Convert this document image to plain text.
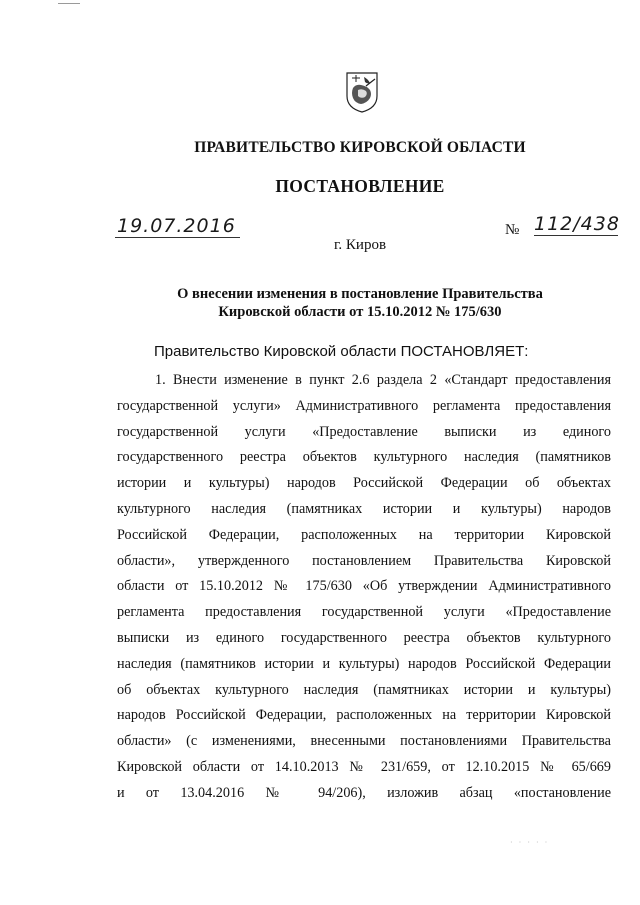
ПРАВИТЕЛЬСТВО КИРОВСКОЙ ОБЛАСТИ
ПОСТАНОВЛЕНИЕ
19.07.2016	№ 112/438
г. Киров
О внесении изменения в постановление Правительства
Кировской области от 15.10.2012 № 175/630
Правительство Кировской области ПОСТАНОВЛЯЕТ:
1. Внести изменение в пункт 2.6 раздела 2 «Стандарт предоставления
государственной услуги» Административного регламента предоставления
государственной услуги «Предоставление выписки из единого
государственного реестра объектов культурного наследия (памятников
истории и культуры) народов Российской Федерации об объектах
культурного наследия (памятниках истории и культуры) народов
Российской Федерации, расположенных на территории Кировской
области», утвержденного постановлением Правительства Кировской
области от 15.10.2012 № 175/630 «Об утверждении Административного
регламента предоставления государственной услуги «Предоставление
выписки из единого государственного реестра объектов культурного
наследия (памятников истории и культуры) народов Российской Федерации
об объектах культурного наследия (памятниках истории и культуры)
народов Российской Федерации, расположенных на территории Кировской
области» (с изменениями, внесенными постановлениями Правительства
Кировской области от 14.10.2013 № 231/659, от 12.10.2015 № 65/669
и от 13.04.2016 № 94/206), изложив абзац «постановление
· · · · ·
